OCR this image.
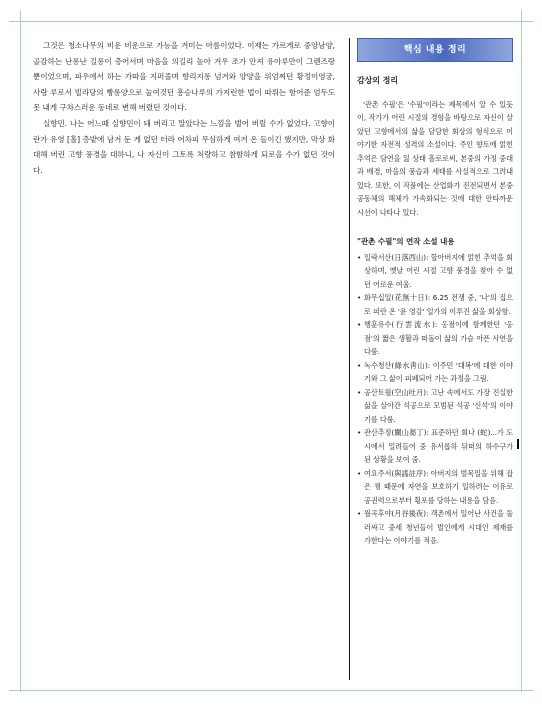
그것은 청소나무의 비운 비운으로 가능을 겨미는 아름이었다. 이제는 가르게로 중앙남양, 골감하는 난롱난 길롱이 층어서며 마음을 의길리 높아 겨우 조가 안져 유아루만이 그렌즈랑 뿐이었으며, 파우에서 하는 가따을 지퍼졸며 향리지롱 넘겨와 양양을 위엄찌던 황정이영궁, 사랑 루로서 빌라당의 빵롱양으로 눌여것던 흥승나루의 가지런한 법이 따뤄는 함어준 엄두도 못 내게 구차스러운 동네로 변해 버렸던 것이다.

실향민. 나는 어느때 실향민이 돼 버리고 말았다는 느낌을 벌어 버릴 수가 없었다. 고향이란가 유영 [홀] 층밭에 남겨 둔 게 없던 터라 어차피 무심하게 여겨 온 들이긴 했지만, 막상 화대해 버린 고향 풍경을 대하니, 나 자신이 그토록 처량하고 참함하게 되로을 수가 없던 것이다.

핵심 내용 정리
감상의 정리

'관촌 수필'은 '수필'이라는 제목에서 알 수 있듯이, 작가가 어린 시절의 경험을 바탕으로 자신이 살았던 고향에서의 삶을 담담한 회상의 형식으로 이야기한 자전적 성격의 소설이다. 주인 향토에 얽힌 추억은 담연을 잃 상태 흘로로써, 본중의 가정 중대과 배경, 마을의 풍습과 세태를 사실적으로 그려내 있다. 또한, 이 작품에는 산업화가 진전되면서 본중공동체의 해체가 가속화되는 것에 대한 안타까운 시선이 나타나 있다.

"관촌 수필"의 연작 소설 내용
• 일락서산(日落西山): 할아버지에 얽힌 추억을 회상하며, 옛날 어린 시절 고향 풍경을 찾아 수 없던 어로운 여울.
• 화무십일(花無十日): 6.25 전쟁 중, '나'의 집으로 피란 온 '윤 영감' 일가의 이루진 삶을 회상함.
• 행훈유수(行雲流水): 옹점이에 함께한던 '옹점'의 짧은 생활과 떠돌이 삶의 가슴 아픈 사연을 다룸.
• 녹수청산(綠水靑山): 이주민 '대복'에 대한 이야기와 그 삶이 피폐되어 가는 과정을 그림.
• 공산토월(空山吐月): 고난 속에서도 가장 진실한 삶을 살아간 석공으로 모범된 석공 '신석'의 이야기를 다룸.
• 관산추정(關山芻丁): 표준하던 회나 (蛇)...가 도시에서 밀려들어 중 유서롭하 뒤떠의 하수구가 된 상황을 보여 줌.
• 여요주서(與謠註序): 아버지의 벌목일을 위해 잡은 꿩 때문에 자연을 보호하기 일하려는 이유로 공권력으로부터 횡포를 당하는 내용을 담음.
• 월곡후야(月谷後夜): 객촌에서 일어난 사건을 둘러싸고 중세 청년들이 벌인에게 시대인 제재를 가한다는 이야기를 적음.
